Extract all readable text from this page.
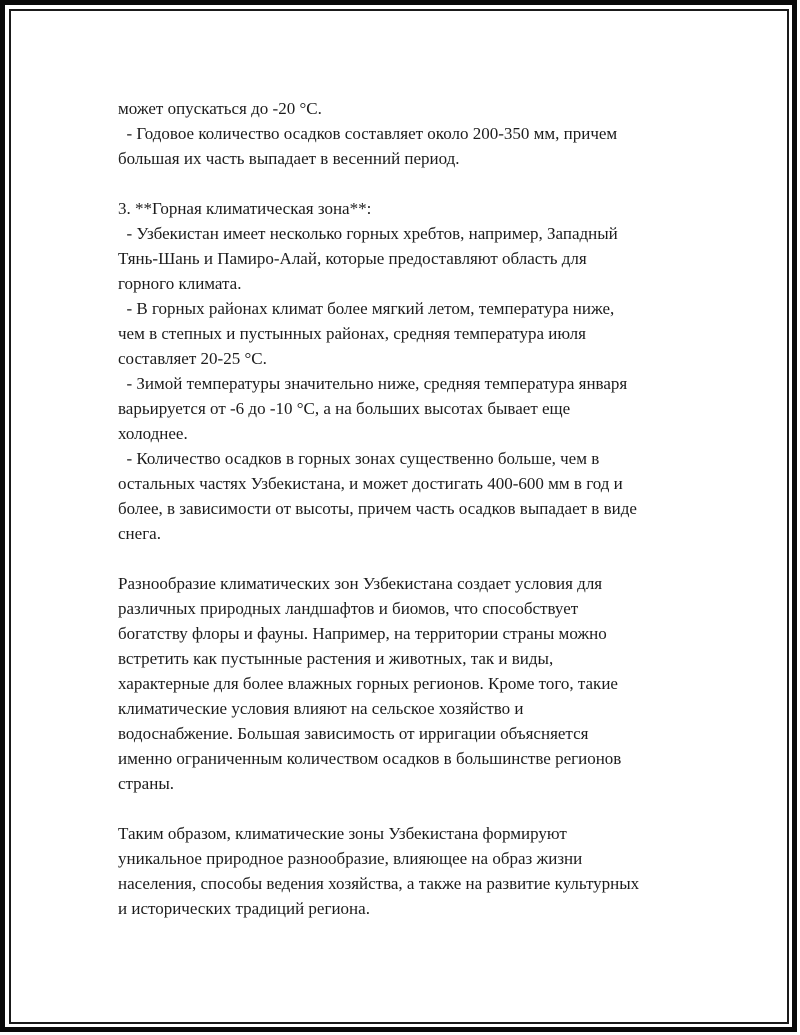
может опускаться до -20 °C.
- Годовое количество осадков составляет около 200-350 мм, причем
большая их часть выпадает в весенний период.
3. **Горная климатическая зона**:
- Узбекистан имеет несколько горных хребтов, например, Западный
Тянь-Шань и Памиро-Алай, которые предоставляют область для
горного климата.
- В горных районах климат более мягкий летом, температура ниже,
чем в степных и пустынных районах, средняя температура июля
составляет 20-25 °C.
- Зимой температуры значительно ниже, средняя температура января
варьируется от -6 до -10 °C, а на больших высотах бывает еще
холоднее.
- Количество осадков в горных зонах существенно больше, чем в
остальных частях Узбекистана, и может достигать 400-600 мм в год и
более, в зависимости от высоты, причем часть осадков выпадает в виде
снега.
Разнообразие климатических зон Узбекистана создает условия для
различных природных ландшафтов и биомов, что способствует
богатству флоры и фауны. Например, на территории страны можно
встретить как пустынные растения и животных, так и виды,
характерные для более влажных горных регионов. Кроме того, такие
климатические условия влияют на сельское хозяйство и
водоснабжение. Большая зависимость от ирригации объясняется
именно ограниченным количеством осадков в большинстве регионов
страны.
Таким образом, климатические зоны Узбекистана формируют
уникальное природное разнообразие, влияющее на образ жизни
населения, способы ведения хозяйства, а также на развитие культурных
и исторических традиций региона.
